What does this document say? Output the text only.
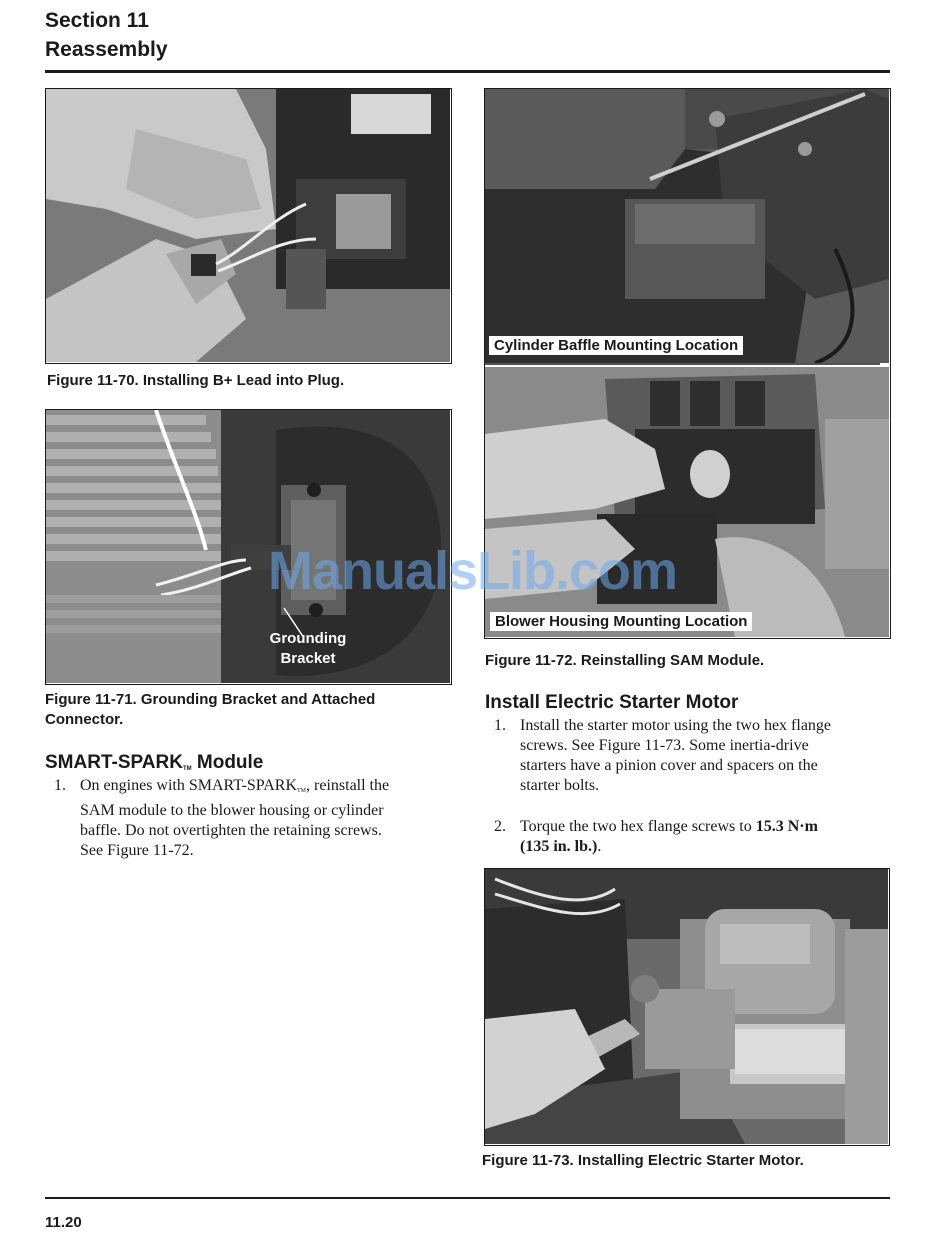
Section 11
Reassembly
Figure 11-70. Installing B+ Lead into Plug.
Grounding
Bracket
Figure 11-71. Grounding Bracket and Attached
Connector.
SMART-SPARKTM Module
1. On engines with SMART-SPARKTM, reinstall the
SAM module to the blower housing or cylinder
baffle. Do not overtighten the retaining screws.
See Figure 11-72.
Cylinder Baffle Mounting Location
Blower Housing Mounting Location
Figure 11-72. Reinstalling SAM Module.
Install Electric Starter Motor
1. Install the starter motor using the two hex flange
screws. See Figure 11-73. Some inertia-drive
starters have a pinion cover and spacers on the
starter bolts.
2. Torque the two hex flange screws to 15.3 N·m
(135 in. lb.).
Figure 11-73. Installing Electric Starter Motor.
ManualsLib.com
11.20
